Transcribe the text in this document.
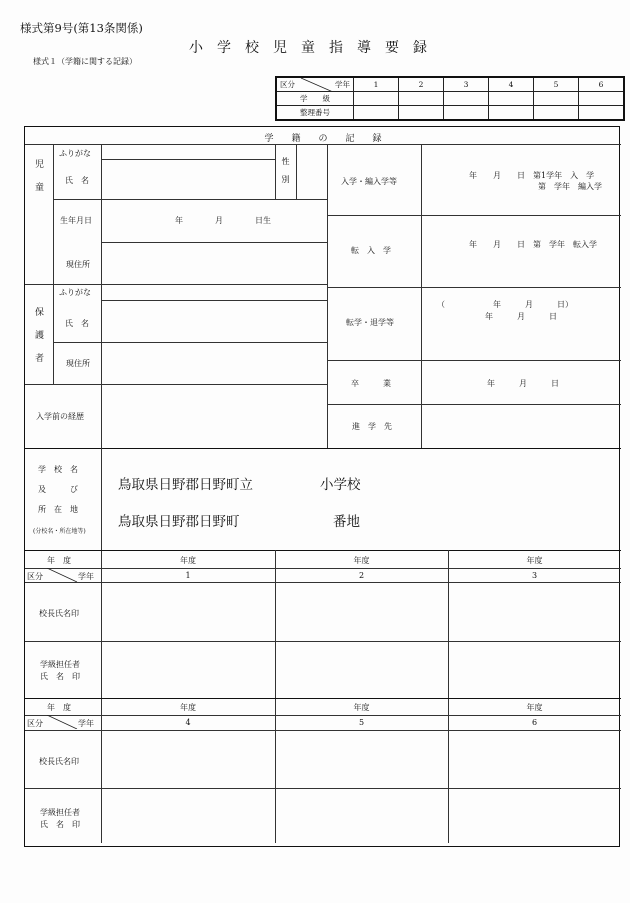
様式第9号(第13条関係)
小学校児童指導要録
様式１（学籍に関する記録）
区分 学年	1	2	3	4	5	6
学　　級						
整理番号						
学　　籍　　の　　記　　録
児童
ふりがな
氏　名	性別
生年月日	年　　　　月　　　　日生
現住所
保護者
ふりがな
氏　名
現住所
入学前の経歴
入学・編入学等
年　　月　　日　第1学年　入　学
第　学年　編入学
転　入　学
年　　月　　日　第　学年　転入学
転学・退学等
（　　　　　　年　　　月　　　日）
年　　　月　　　日
卒　　　業	年　　　月　　　日
進　学　先
学　校　名
及　　　び
所　在　地
(分校名・所在地等)
鳥取県日野郡日野町立	小学校
鳥取県日野郡日野町	番地
年　度	年度	年度	年度
区分	学年	1	2	3
校長氏名印
学級担任者
氏　名　印
年　度	年度	年度	年度
区分	学年	4	5	6
校長氏名印
学級担任者
氏　名　印
